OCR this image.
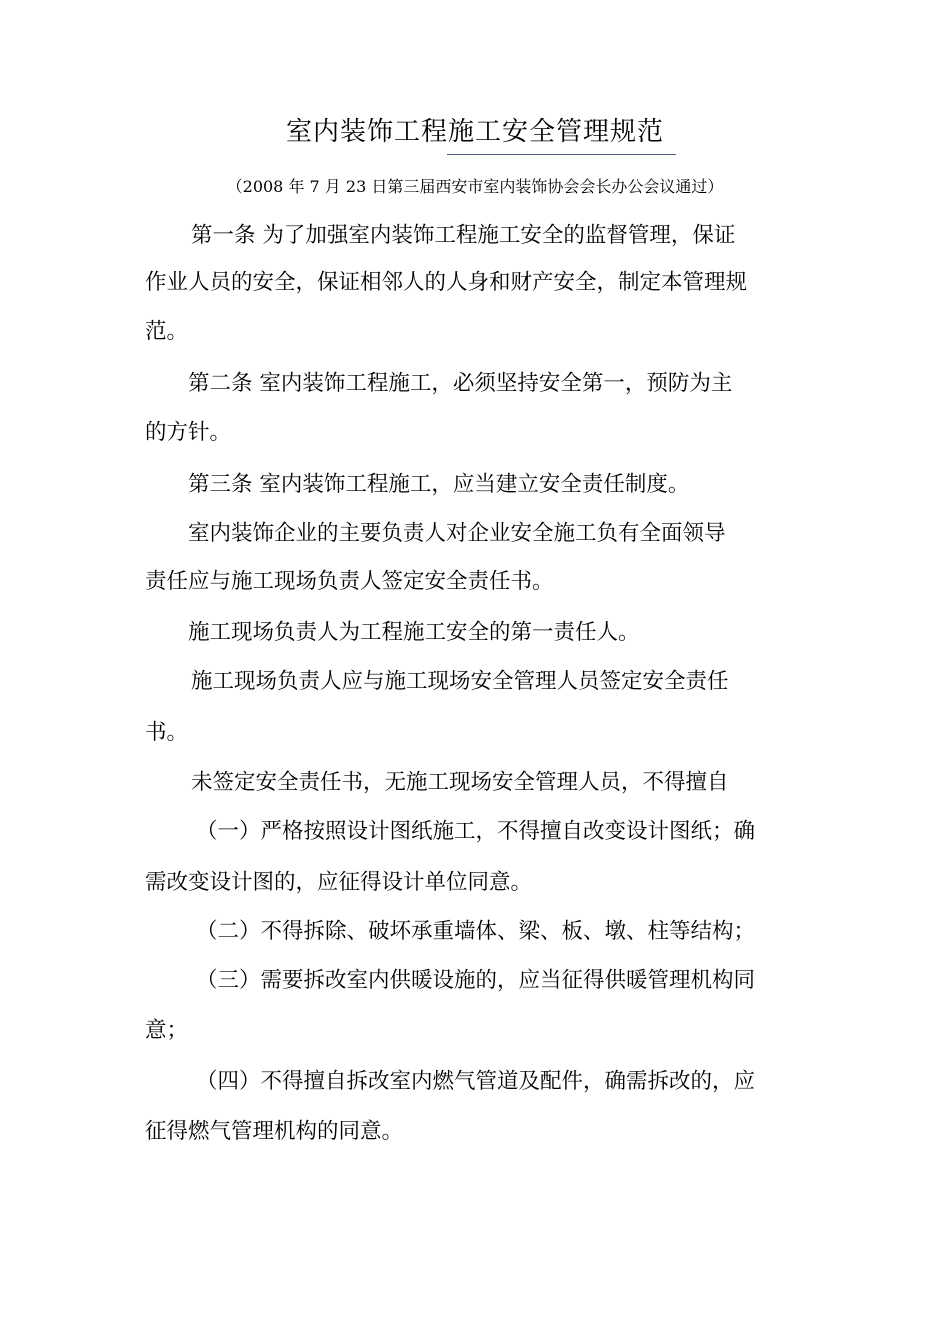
室内装饰工程施工安全管理规范
（2008 年 7 月 23 日第三届西安市室内装饰协会会长办公会议通过）
第一条 为了加强室内装饰工程施工安全的监督管理，保证
作业人员的安全，保证相邻人的人身和财产安全，制定本管理规
范。
第二条 室内装饰工程施工，必须坚持安全第一，预防为主
的方针。
第三条 室内装饰工程施工，应当建立安全责任制度。
室内装饰企业的主要负责人对企业安全施工负有全面领导
责任应与施工现场负责人签定安全责任书。
施工现场负责人为工程施工安全的第一责任人。
施工现场负责人应与施工现场安全管理人员签定安全责任
书。
未签定安全责任书，无施工现场安全管理人员，不得擅自
（一）严格按照设计图纸施工，不得擅自改变设计图纸；确
需改变设计图的，应征得设计单位同意。
（二）不得拆除、破坏承重墙体、梁、板、墩、柱等结构；
（三）需要拆改室内供暖设施的，应当征得供暖管理机构同
意；
（四）不得擅自拆改室内燃气管道及配件，确需拆改的，应
征得燃气管理机构的同意。
